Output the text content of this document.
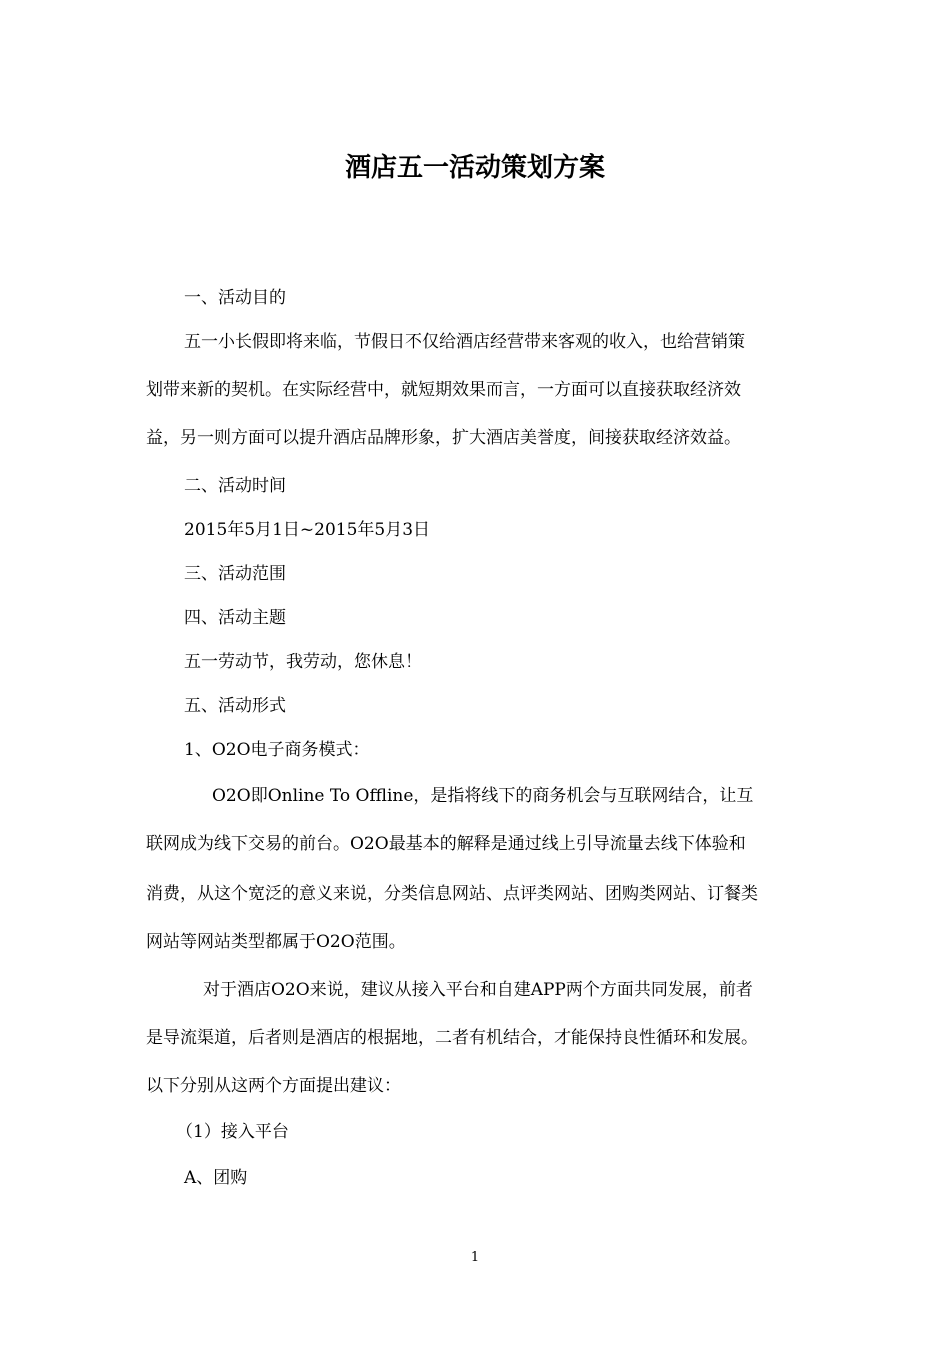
酒店五一活动策划方案

一、活动目的

五一小长假即将来临，节假日不仅给酒店经营带来客观的收入，也给营销策

划带来新的契机。在实际经营中，就短期效果而言，一方面可以直接获取经济效

益，另一则方面可以提升酒店品牌形象，扩大酒店美誉度，间接获取经济效益。

二、活动时间

2015年5月1日~2015年5月3日

三、活动范围

四、活动主题

五一劳动节，我劳动，您休息！

五、活动形式

1、O2O电子商务模式：

O2O即Online To Offline，是指将线下的商务机会与互联网结合，让互

联网成为线下交易的前台。O2O最基本的解释是通过线上引导流量去线下体验和

消费，从这个宽泛的意义来说，分类信息网站、点评类网站、团购类网站、订餐类

网站等网站类型都属于O2O范围。

对于酒店O2O来说，建议从接入平台和自建APP两个方面共同发展，前者

是导流渠道，后者则是酒店的根据地，二者有机结合，才能保持良性循环和发展。

以下分别从这两个方面提出建议：

（1）接入平台

A、团购

1
